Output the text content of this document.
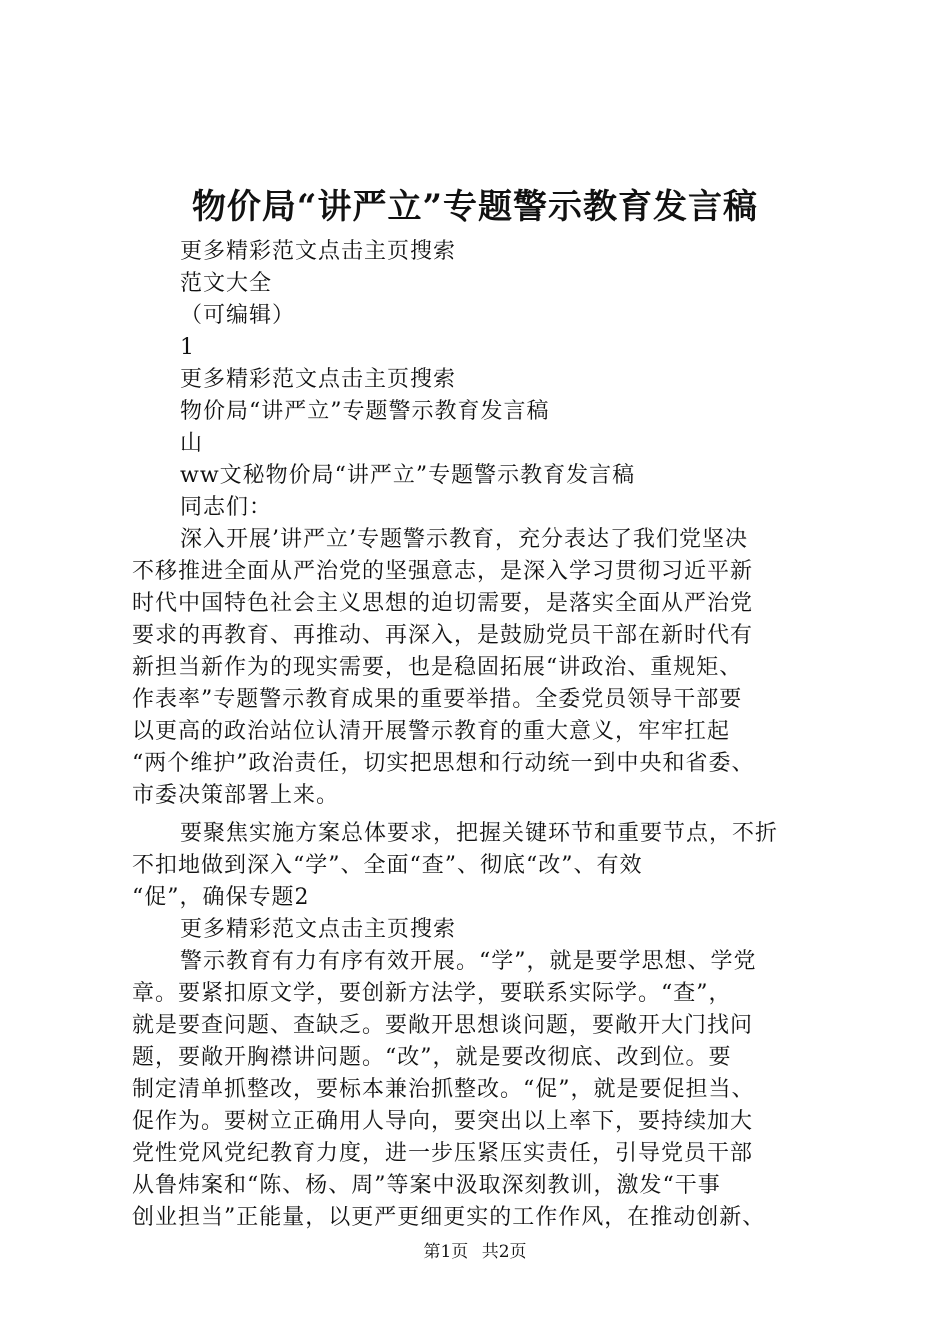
物价局“讲严立”专题警示教育发言稿
更多精彩范文点击主页搜索
范文大全
（可编辑）
1
更多精彩范文点击主页搜索
物价局“讲严立”专题警示教育发言稿
山
ww文秘物价局“讲严立”专题警示教育发言稿
同志们：
深入开展’讲严立’专题警示教育，充分表达了我们党坚决
不移推进全面从严治党的坚强意志，是深入学习贯彻习近平新
时代中国特色社会主义思想的迫切需要，是落实全面从严治党
要求的再教育、再推动、再深入，是鼓励党员干部在新时代有
新担当新作为的现实需要，也是稳固拓展“讲政治、重规矩、
作表率”专题警示教育成果的重要举措。全委党员领导干部要
以更高的政治站位认清开展警示教育的重大意义，牢牢扛起
“两个维护”政治责任，切实把思想和行动统一到中央和省委、
市委决策部署上来。
要聚焦实施方案总体要求，把握关键环节和重要节点，不折
不扣地做到深入“学”、全面“查”、彻底“改”、有效
“促”，确保专题2
更多精彩范文点击主页搜索
警示教育有力有序有效开展。“学”，就是要学思想、学党
章。要紧扣原文学，要创新方法学，要联系实际学。“查”，
就是要查问题、查缺乏。要敞开思想谈问题，要敞开大门找问
题，要敞开胸襟讲问题。“改”，就是要改彻底、改到位。要
制定清单抓整改，要标本兼治抓整改。“促”，就是要促担当、
促作为。要树立正确用人导向，要突出以上率下，要持续加大
党性党风党纪教育力度，进一步压紧压实责任，引导党员干部
从鲁炜案和“陈、杨、周”等案中汲取深刻教训，激发“干事
创业担当”正能量，以更严更细更实的工作作风，在推动创新、
第1页 共2页
